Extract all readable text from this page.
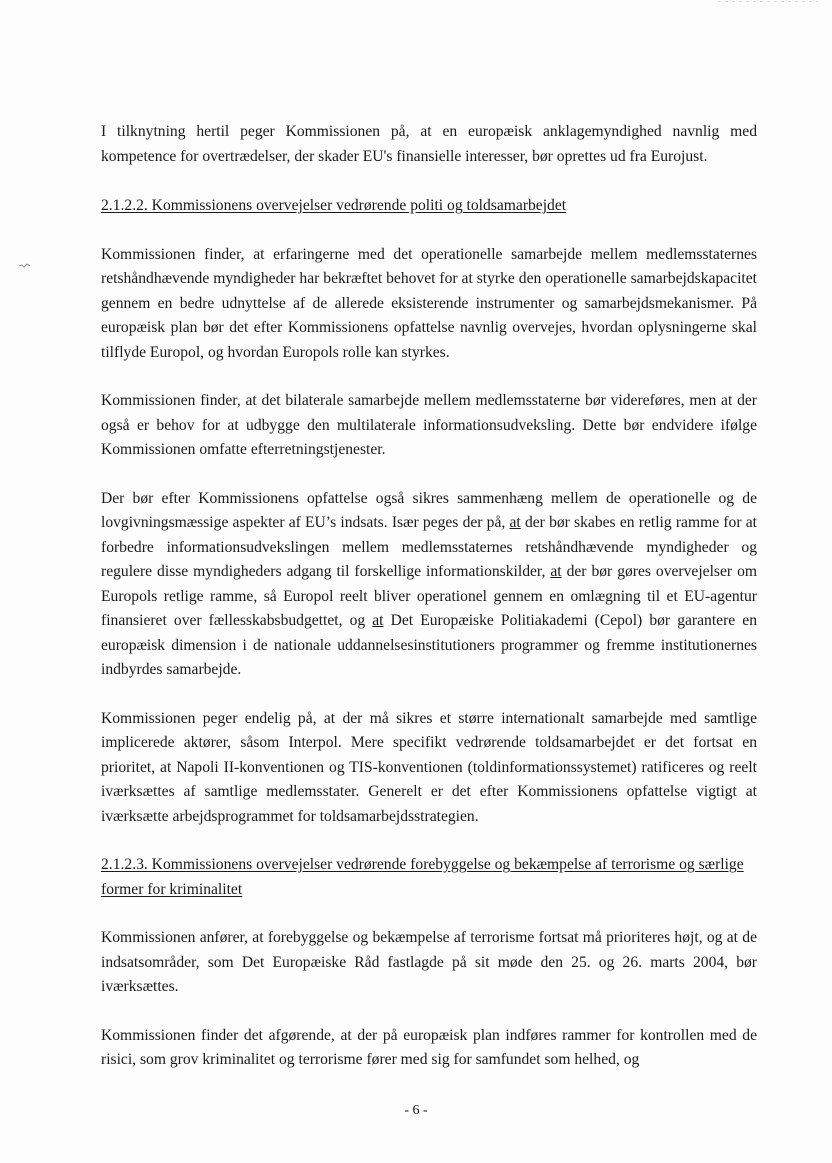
I tilknytning hertil peger Kommissionen på, at en europæisk anklagemyndighed navnlig med kompetence for overtrædelser, der skader EU's finansielle interesser, bør oprettes ud fra Eurojust.

2.1.2.2. Kommissionens overvejelser vedrørende politi og toldsamarbejdet

Kommissionen finder, at erfaringerne med det operationelle samarbejde mellem medlemsstaternes retshåndhævende myndigheder har bekræftet behovet for at styrke den operationelle samarbejdskapacitet gennem en bedre udnyttelse af de allerede eksisterende instrumenter og samarbejdsmekanismer. På europæisk plan bør det efter Kommissionens opfattelse navnlig overvejes, hvordan oplysningerne skal tilflyde Europol, og hvordan Europols rolle kan styrkes.

Kommissionen finder, at det bilaterale samarbejde mellem medlemsstaterne bør videreføres, men at der også er behov for at udbygge den multilaterale informationsudveksling. Dette bør endvidere ifølge Kommissionen omfatte efterretningstjenester.

Der bør efter Kommissionens opfattelse også sikres sammenhæng mellem de operationelle og de lovgivningsmæssige aspekter af EU’s indsats. Især peges der på, at der bør skabes en retlig ramme for at forbedre informationsudvekslingen mellem medlemsstaternes retshåndhævende myndigheder og regulere disse myndigheders adgang til forskellige informationskilder, at der bør gøres overvejelser om Europols retlige ramme, så Europol reelt bliver operationel gennem en omlægning til et EU-agentur finansieret over fællesskabsbudgettet, og at Det Europæiske Politiakademi (Cepol) bør garantere en europæisk dimension i de nationale uddannelsesinstitutioners programmer og fremme institutionernes indbyrdes samarbejde.

Kommissionen peger endelig på, at der må sikres et større internationalt samarbejde med samtlige implicerede aktører, såsom Interpol. Mere specifikt vedrørende toldsamarbejdet er det fortsat en prioritet, at Napoli II-konventionen og TIS-konventionen (toldinformationssystemet) ratificeres og reelt iværksættes af samtlige medlemsstater. Generelt er det efter Kommissionens opfattelse vigtigt at iværksætte arbejdsprogrammet for toldsamarbejdsstrategien.

2.1.2.3. Kommissionens overvejelser vedrørende forebyggelse og bekæmpelse af terrorisme og særlige former for kriminalitet

Kommissionen anfører, at forebyggelse og bekæmpelse af terrorisme fortsat må prioriteres højt, og at de indsatsområder, som Det Europæiske Råd fastlagde på sit møde den 25. og 26. marts 2004, bør iværksættes.

Kommissionen finder det afgørende, at der på europæisk plan indføres rammer for kontrollen med de risici, som grov kriminalitet og terrorisme fører med sig for samfundet som helhed, og

- 6 -
